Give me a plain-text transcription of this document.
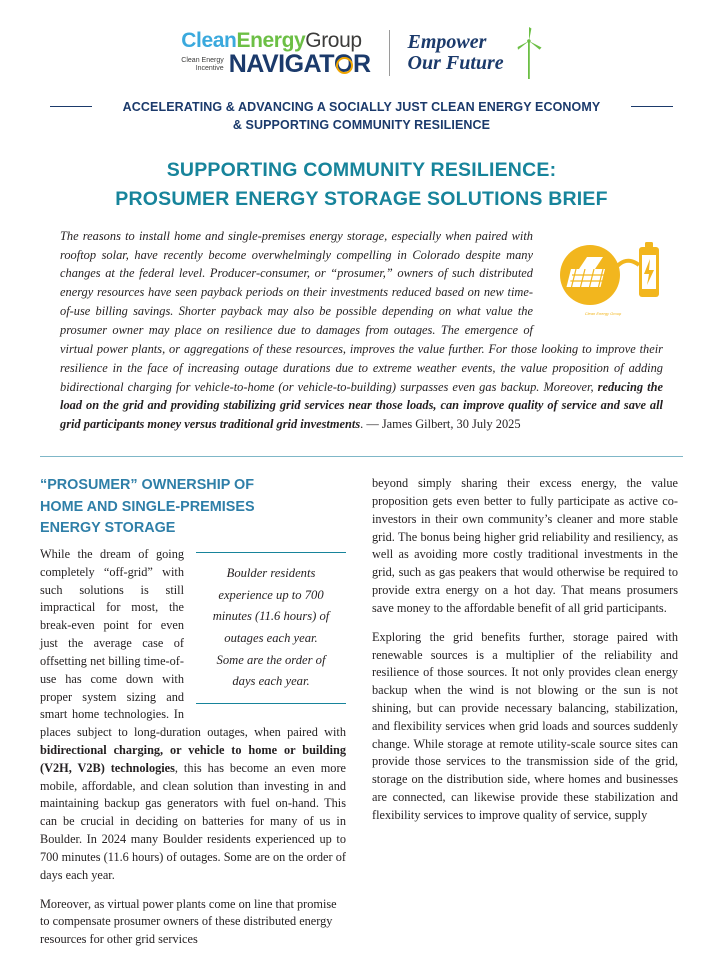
CleanEnergyGroup
Clean Energy
Incentive NAVIGATOR
Empower
Our Future
ACCELERATING & ADVANCING A SOCIALLY JUST CLEAN ENERGY ECONOMY
& SUPPORTING COMMUNITY RESILIENCE
SUPPORTING COMMUNITY RESILIENCE:
PROSUMER ENERGY STORAGE SOLUTIONS BRIEF
Clean Energy Group
The reasons to install home and single-premises energy storage, especially when paired with rooftop solar, have recently become overwhelmingly compelling in Colorado despite many changes at the federal level. Producer-consumer, or “prosumer,” owners of such distributed energy resources have seen payback periods on their investments reduced based on new time-of-use billing savings. Shorter payback may also be possible depending on what value the prosumer owner may place on resilience due to damages from outages. The emergence of virtual power plants, or aggregations of these resources, improves the value further. For those looking to improve their resilience in the face of increasing outage durations due to extreme weather events, the value proposition of adding bidirectional charging for vehicle-to-home (or vehicle-to-building) surpasses even gas backup. Moreover, reducing the load on the grid and providing stabilizing grid services near those loads, can improve quality of service and save all grid participants money versus traditional grid investments. — James Gilbert, 30 July 2025
“PROSUMER” OWNERSHIP OF
HOME AND SINGLE-PREMISES
ENERGY STORAGE

Boulder residents
experience up to 700
minutes (11.6 hours) of
outages each year.
Some are the order of
days each year.
While the dream of going completely “off-grid” with such solutions is still impractical for most, the break-even point for even just the average case of offsetting net billing time-of-use has come down with proper system sizing and smart home technologies. In places subject to long-duration outages, when paired with bidirectional charging, or vehicle to home or building (V2H, V2B) technologies, this has become an even more mobile, affordable, and clean solution than investing in and maintaining backup gas generators with fuel on-hand. This can be crucial in deciding on batteries for many of us in Boulder. In 2024 many Boulder residents experienced up to 700 minutes (11.6 hours) of outages. Some are on the order of days each year.

Moreover, as virtual power plants come on line that promise to compensate prosumer owners of these distributed energy resources for other grid services

beyond simply sharing their excess energy, the value proposition gets even better to fully participate as active co-investors in their own community’s cleaner and more stable grid. The bonus being higher grid reliability and resiliency, as well as avoiding more costly traditional investments in the grid, such as gas peakers that would otherwise be required to provide extra energy on a hot day. That means prosumers save money to the affordable benefit of all grid participants.

Exploring the grid benefits further, storage paired with renewable sources is a multiplier of the reliability and resilience of those sources. It not only provides clean energy backup when the wind is not blowing or the sun is not shining, but can provide necessary balancing, stabilization, and flexibility services when grid loads and sources suddenly change. While storage at remote utility-scale source sites can provide those services to the transmission side of the grid, storage on the distribution side, where homes and businesses are connected, can likewise provide these stabilization and flexibility services to improve quality of service, supply
